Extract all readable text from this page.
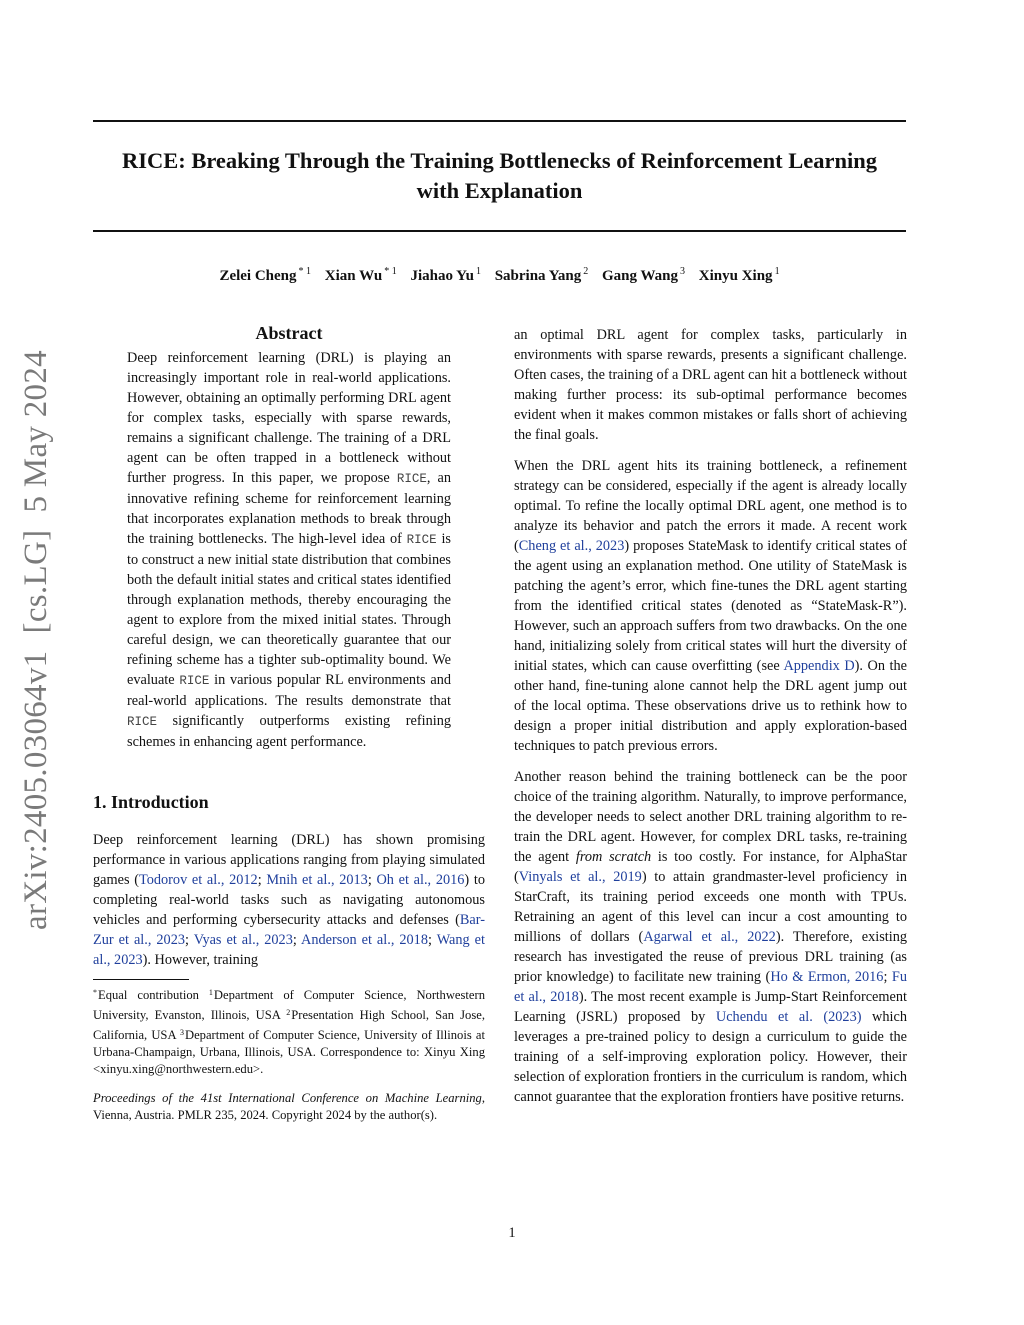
RICE: Breaking Through the Training Bottlenecks of Reinforcement Learning
with Explanation
Zelei Cheng $^{* 1}$ Xian Wu $^{* 1}$ Jiahao Yu $^1$ Sabrina Yang $^2$ Gang Wang $^3$ Xinyu Xing $^1$
arXiv:2405.03064v1  [cs.LG]  5 May 2024
Abstract

Deep reinforcement learning (DRL) is playing an increasingly important role in real-world applications. However, obtaining an optimally performing DRL agent for complex tasks, especially with sparse rewards, remains a significant challenge. The training of a DRL agent can be often trapped in a bottleneck without further progress. In this paper, we propose RICE, an innovative refining scheme for reinforcement learning that incorporates explanation methods to break through the training bottlenecks. The high-level idea of RICE is to construct a new initial state distribution that combines both the default initial states and critical states identified through explanation methods, thereby encouraging the agent to explore from the mixed initial states. Through careful design, we can theoretically guarantee that our refining scheme has a tighter sub-optimality bound. We evaluate RICE in various popular RL environments and real-world applications. The results demonstrate that RICE significantly outperforms existing refining schemes in enhancing agent performance.

1. Introduction

Deep reinforcement learning (DRL) has shown promising performance in various applications ranging from playing simulated games (Todorov et al., 2012; Mnih et al., 2013; Oh et al., 2016) to completing real-world tasks such as navigating autonomous vehicles and performing cybersecurity attacks and defenses (Bar-Zur et al., 2023; Vyas et al., 2023; Anderson et al., 2018; Wang et al., 2023). However, training

*Equal contribution $^1$Department of Computer Science, Northwestern University, Evanston, Illinois, USA $^2$Presentation High School, San Jose, California, USA $^3$Department of Computer Science, University of Illinois at Urbana-Champaign, Urbana, Illinois, USA. Correspondence to: Xinyu Xing <xinyu.xing@northwestern.edu>.

Proceedings of the 41st International Conference on Machine Learning, Vienna, Austria. PMLR 235, 2024. Copyright 2024 by the author(s).

an optimal DRL agent for complex tasks, particularly in environments with sparse rewards, presents a significant challenge. Often cases, the training of a DRL agent can hit a bottleneck without making further process: its sub-optimal performance becomes evident when it makes common mistakes or falls short of achieving the final goals.

When the DRL agent hits its training bottleneck, a refinement strategy can be considered, especially if the agent is already locally optimal. To refine the locally optimal DRL agent, one method is to analyze its behavior and patch the errors it made. A recent work (Cheng et al., 2023) proposes StateMask to identify critical states of the agent using an explanation method. One utility of StateMask is patching the agent’s error, which fine-tunes the DRL agent starting from the identified critical states (denoted as “StateMask-R”). However, such an approach suffers from two drawbacks. On the one hand, initializing solely from critical states will hurt the diversity of initial states, which can cause overfitting (see Appendix D). On the other hand, fine-tuning alone cannot help the DRL agent jump out of the local optima. These observations drive us to rethink how to design a proper initial distribution and apply exploration-based techniques to patch previous errors.

Another reason behind the training bottleneck can be the poor choice of the training algorithm. Naturally, to improve performance, the developer needs to select another DRL training algorithm to re-train the DRL agent. However, for complex DRL tasks, re-training the agent from scratch is too costly. For instance, for AlphaStar (Vinyals et al., 2019) to attain grandmaster-level proficiency in StarCraft, its training period exceeds one month with TPUs. Retraining an agent of this level can incur a cost amounting to millions of dollars (Agarwal et al., 2022). Therefore, existing research has investigated the reuse of previous DRL training (as prior knowledge) to facilitate new training (Ho & Ermon, 2016; Fu et al., 2018). The most recent example is Jump-Start Reinforcement Learning (JSRL) proposed by Uchendu et al. (2023) which leverages a pre-trained policy to design a curriculum to guide the training of a self-improving exploration policy. However, their selection of exploration frontiers in the curriculum is random, which cannot guarantee that the exploration frontiers have positive returns.

1
